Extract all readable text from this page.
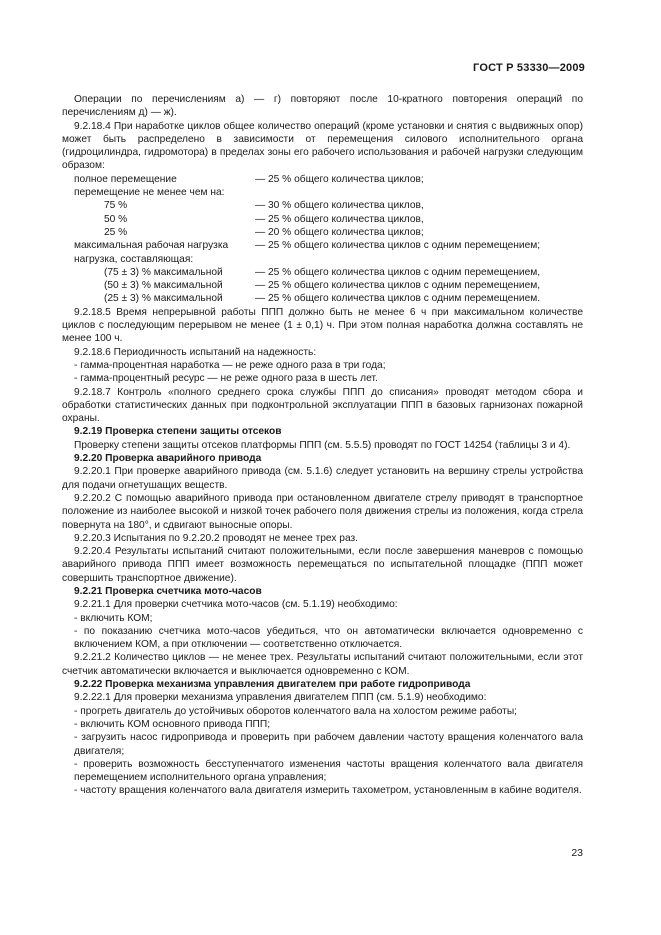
ГОСТ Р 53330—2009

Операции по перечислениям а) — г) повторяют после 10-кратного повторения операций по перечислениям д) — ж).

9.2.18.4 При наработке циклов общее количество операций (кроме установки и снятия с выдвижных опор) может быть распределено в зависимости от перемещения силового исполнительного органа (гидроцилиндра, гидромотора) в пределах зоны его рабочего использования и рабочей нагрузки следующим образом:

полное перемещение	— 25 % общего количества циклов;
перемещение не менее чем на:
75 %	— 30 % общего количества циклов,
50 %	— 25 % общего количества циклов,
25 %	— 20 % общего количества циклов;
максимальная рабочая нагрузка	— 25 % общего количества циклов с одним перемещением;
нагрузка, составляющая:
(75 ± 3) % максимальной	— 25 % общего количества циклов с одним перемещением,
(50 ± 3) % максимальной	— 25 % общего количества циклов с одним перемещением,
(25 ± 3) % максимальной	— 25 % общего количества циклов с одним перемещением.

9.2.18.5 Время непрерывной работы ППП должно быть не менее 6 ч при максимальном количестве циклов с последующим перерывом не менее (1 ± 0,1) ч. При этом полная наработка должна составлять не менее 100 ч.

9.2.18.6 Периодичность испытаний на надежность:

- гамма-процентная наработка — не реже одного раза в три года;

- гамма-процентный ресурс — не реже одного раза в шесть лет.

9.2.18.7 Контроль «полного среднего срока службы ППП до списания» проводят методом сбора и обработки статистических данных при подконтрольной эксплуатации ППП в базовых гарнизонах пожарной охраны.

9.2.19 Проверка степени защиты отсеков

Проверку степени защиты отсеков платформы ППП (см. 5.5.5) проводят по ГОСТ 14254 (таблицы 3 и 4).

9.2.20 Проверка аварийного привода

9.2.20.1 При проверке аварийного привода (см. 5.1.6) следует установить на вершину стрелы устройства для подачи огнетушащих веществ.

9.2.20.2 С помощью аварийного привода при остановленном двигателе стрелу приводят в транспортное положение из наиболее высокой и низкой точек рабочего поля движения стрелы из положения, когда стрела повернута на 180°, и сдвигают выносные опоры.

9.2.20.3 Испытания по 9.2.20.2 проводят не менее трех раз.

9.2.20.4 Результаты испытаний считают положительными, если после завершения маневров с помощью аварийного привода ППП имеет возможность перемещаться по испытательной площадке (ППП может совершить транспортное движение).

9.2.21 Проверка счетчика мото-часов

9.2.21.1 Для проверки счетчика мото-часов (см. 5.1.19) необходимо:

- включить КОМ;

- по показанию счетчика мото-часов убедиться, что он автоматически включается одновременно с включением КОМ, а при отключении — соответственно отключается.

9.2.21.2 Количество циклов — не менее трех. Результаты испытаний считают положительными, если этот счетчик автоматически включается и выключается одновременно с КОМ.

9.2.22 Проверка механизма управления двигателем при работе гидропривода

9.2.22.1 Для проверки механизма управления двигателем ППП (см. 5.1.9) необходимо:

- прогреть двигатель до устойчивых оборотов коленчатого вала на холостом режиме работы;

- включить КОМ основного привода ППП;

- загрузить насос гидропривода и проверить при рабочем давлении частоту вращения коленчатого вала двигателя;

- проверить возможность бесступенчатого изменения частоты вращения коленчатого вала двигателя перемещением исполнительного органа управления;

- частоту вращения коленчатого вала двигателя измерить тахометром, установленным в кабине водителя.

23
